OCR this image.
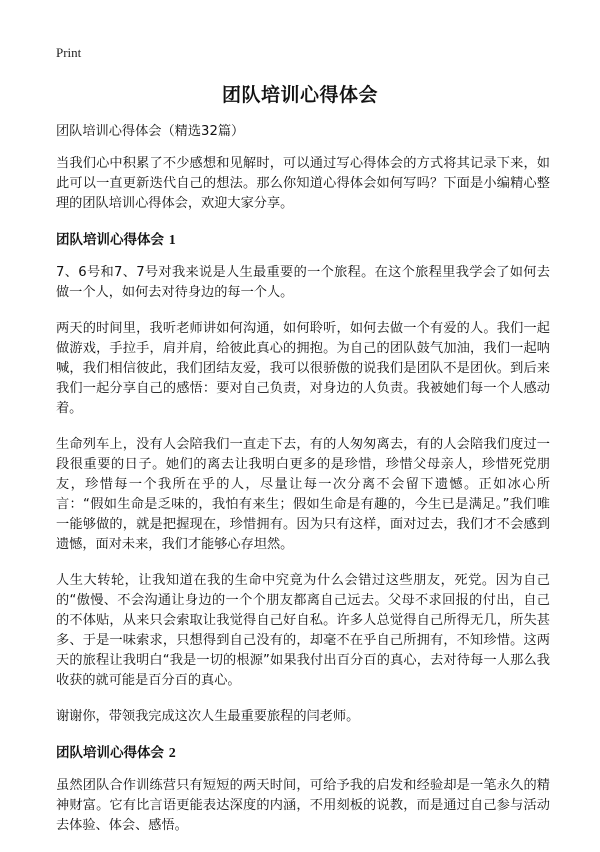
Print
团队培训心得体会

团队培训心得体会（精选32篇）

当我们心中积累了不少感想和见解时，可以通过写心得体会的方式将其记录下来，如此可以一直更新迭代自己的想法。那么你知道心得体会如何写吗？下面是小编精心整理的团队培训心得体会，欢迎大家分享。

团队培训心得体会 1

7、6号和7、7号对我来说是人生最重要的一个旅程。在这个旅程里我学会了如何去做一个人，如何去对待身边的每一个人。

两天的时间里，我听老师讲如何沟通，如何聆听，如何去做一个有爱的人。我们一起做游戏，手拉手，肩并肩，给彼此真心的拥抱。为自己的团队鼓气加油，我们一起呐喊，我们相信彼此，我们团结友爱，我可以很骄傲的说我们是团队不是团伙。到后来我们一起分享自己的感悟：要对自己负责，对身边的人负责。我被她们每一个人感动着。

生命列车上，没有人会陪我们一直走下去，有的人匆匆离去，有的人会陪我们度过一段很重要的日子。她们的离去让我明白更多的是珍惜，珍惜父母亲人，珍惜死党朋友，珍惜每一个我所在乎的人，尽量让每一次分离不会留下遗憾。正如冰心所言：“假如生命是乏味的，我怕有来生；假如生命是有趣的，今生已是满足。”我们唯一能够做的，就是把握现在，珍惜拥有。因为只有这样，面对过去，我们才不会感到遗憾，面对未来，我们才能够心存坦然。

人生大转轮，让我知道在我的生命中究竟为什么会错过这些朋友，死党。因为自己的“傲慢、不会沟通让身边的一个个朋友都离自己远去。父母不求回报的付出，自己的不体贴，从来只会索取让我觉得自己好自私。许多人总觉得自己所得无几，所失甚多、于是一味索求，只想得到自己没有的，却毫不在乎自己所拥有，不知珍惜。这两天的旅程让我明白“我是一切的根源”如果我付出百分百的真心，去对待每一人那么我收获的就可能是百分百的真心。

谢谢你，带领我完成这次人生最重要旅程的闫老师。

团队培训心得体会 2

虽然团队合作训练营只有短短的两天时间，可给予我的启发和经验却是一笔永久的精神财富。它有比言语更能表达深度的内涵，不用刻板的说教，而是通过自己参与活动去体验、体会、感悟。
